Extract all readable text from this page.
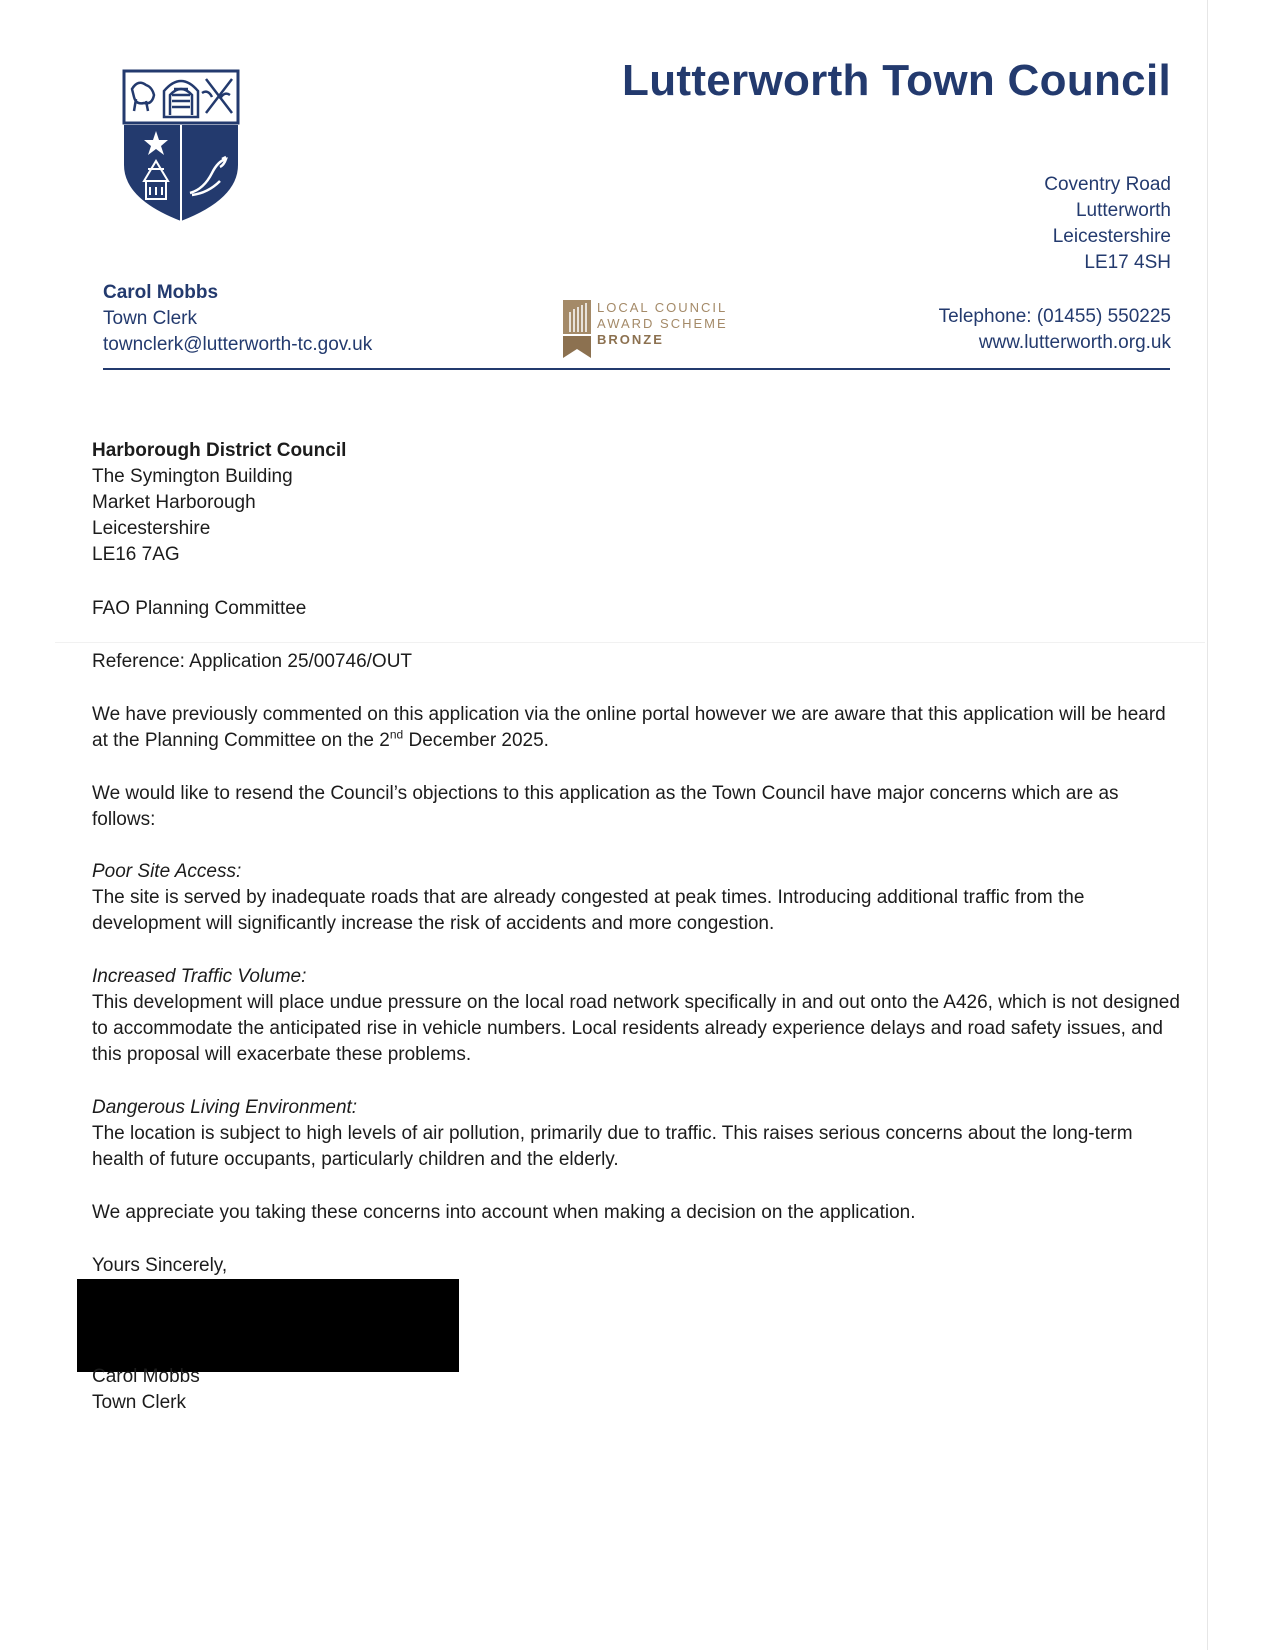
Lutterworth Town Council
Coventry Road
Lutterworth
Leicestershire
LE17 4SH
Telephone: (01455) 550225
www.lutterworth.org.uk
Carol Mobbs
Town Clerk
townclerk@lutterworth-tc.gov.uk
LOCAL COUNCIL
AWARD SCHEME
BRONZE
Harborough District Council
The Symington Building
Market Harborough
Leicestershire
LE16 7AG

FAO Planning Committee

Reference: Application 25/00746/OUT

We have previously commented on this application via the online portal however we are aware that this application will be heard at the Planning Committee on the 2nd December 2025.

We would like to resend the Council’s objections to this application as the Town Council have major concerns which are as follows:

Poor Site Access:
The site is served by inadequate roads that are already congested at peak times. Introducing additional traffic from the development will significantly increase the risk of accidents and more congestion.
Increased Traffic Volume:
This development will place undue pressure on the local road network specifically in and out onto the A426, which is not designed to accommodate the anticipated rise in vehicle numbers. Local residents already experience delays and road safety issues, and this proposal will exacerbate these problems.
Dangerous Living Environment:
The location is subject to high levels of air pollution, primarily due to traffic. This raises serious concerns about the long-term health of future occupants, particularly children and the elderly.

We appreciate you taking these concerns into account when making a decision on the application.

Yours Sincerely,

Carol Mobbs
Town Clerk
